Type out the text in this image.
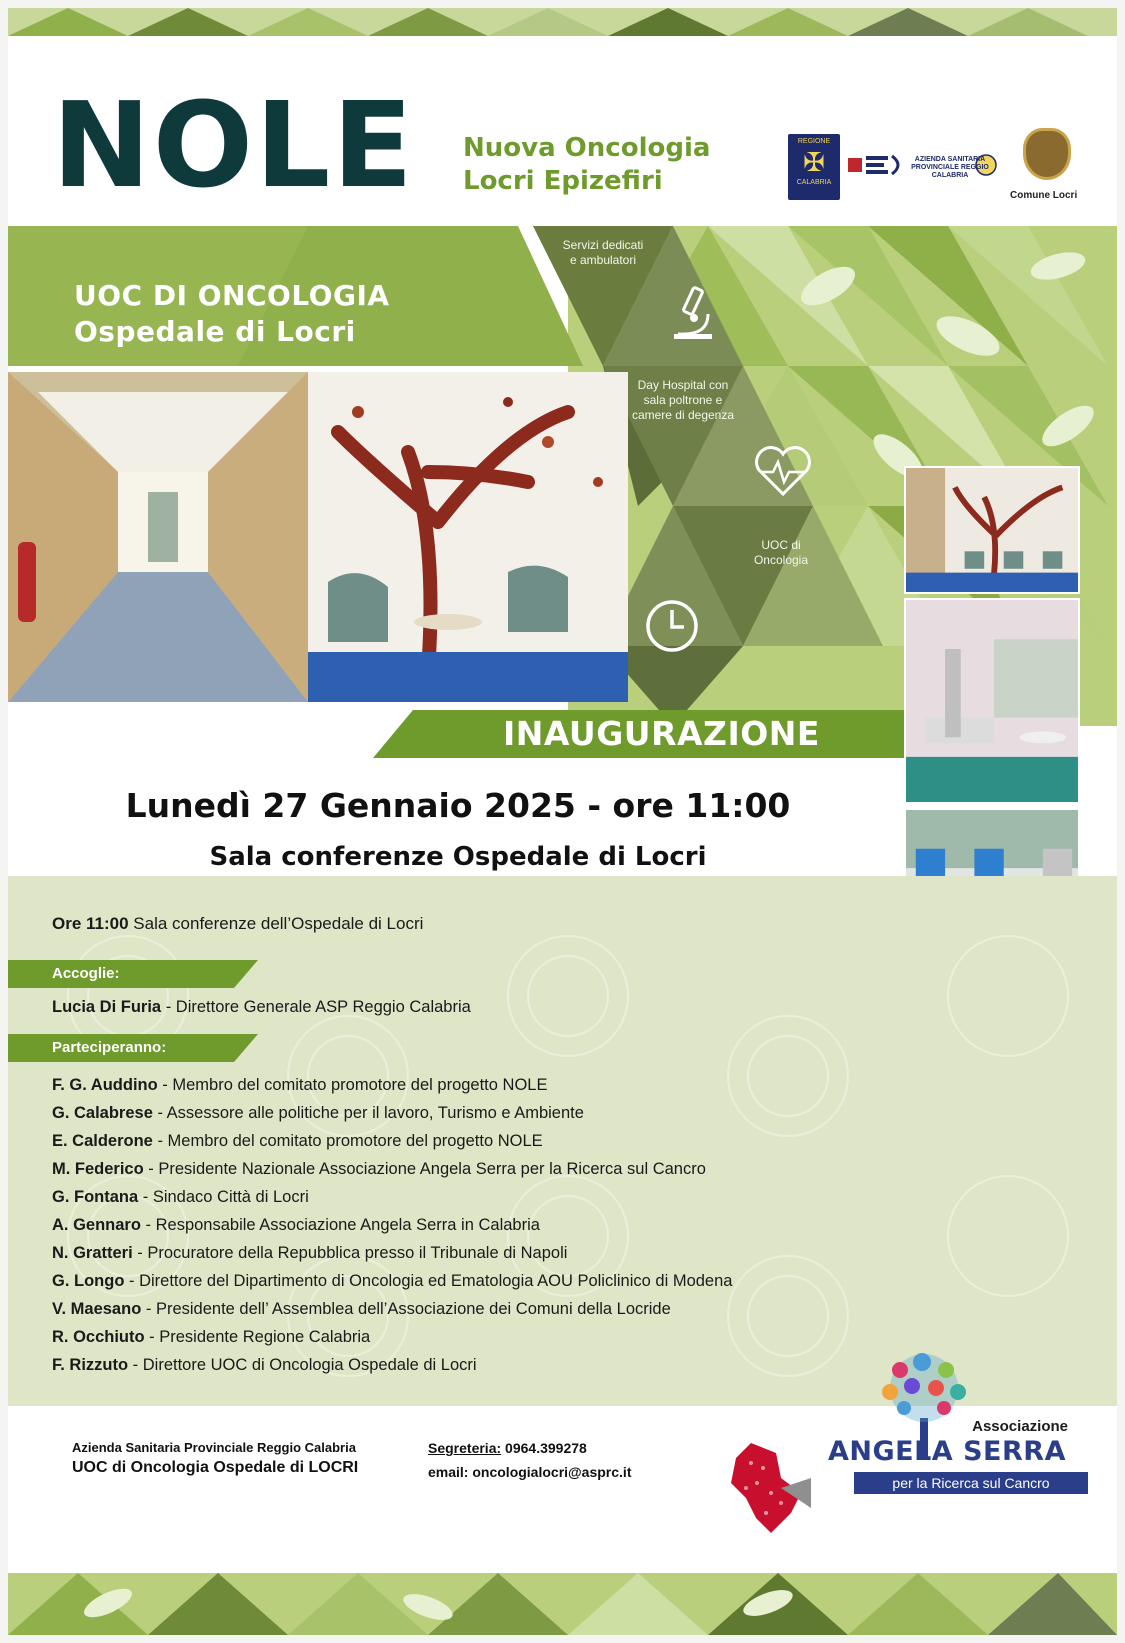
NOLE Nuova Oncologia
Locri Epizefiri
REGIONE
✠
CALABRIA
AZIENDA SANITARIA PROVINCIALE REGGIO CALABRIA
Comune Locri
UOC DI ONCOLOGIA
Ospedale di Locri
Servizi dedicati e ambulatori
Day Hospital con sala poltrone e camere di degenza
UOC di Oncologia
INAUGURAZIONE
Lunedì 27 Gennaio 2025 - ore 11:00
Sala conferenze Ospedale di Locri
Ore 11:00 Sala conferenze dell’Ospedale di Locri
Accoglie:
Lucia Di Furia - Direttore Generale ASP Reggio Calabria
Parteciperanno:
F. G. Auddino - Membro del comitato promotore del progetto NOLE
G. Calabrese - Assessore alle politiche per il lavoro, Turismo e Ambiente
E. Calderone - Membro del comitato promotore del progetto NOLE
M. Federico - Presidente Nazionale Associazione Angela Serra per la Ricerca sul Cancro
G. Fontana - Sindaco Città di Locri
A. Gennaro - Responsabile Associazione Angela Serra in Calabria
N. Gratteri - Procuratore della Repubblica presso il Tribunale di Napoli
G. Longo - Direttore del Dipartimento di Oncologia ed Ematologia AOU Policlinico di Modena
V. Maesano - Presidente dell’ Assemblea dell’Associazione dei Comuni della Locride
R. Occhiuto - Presidente Regione Calabria
F. Rizzuto - Direttore UOC di Oncologia Ospedale di Locri
Azienda Sanitaria Provinciale Reggio Calabria
UOC di Oncologia Ospedale di LOCRI
Segreteria: 0964.399278
email: oncologialocri@asprc.it
Associazione
ANGELA SERRA
per la Ricerca sul Cancro
